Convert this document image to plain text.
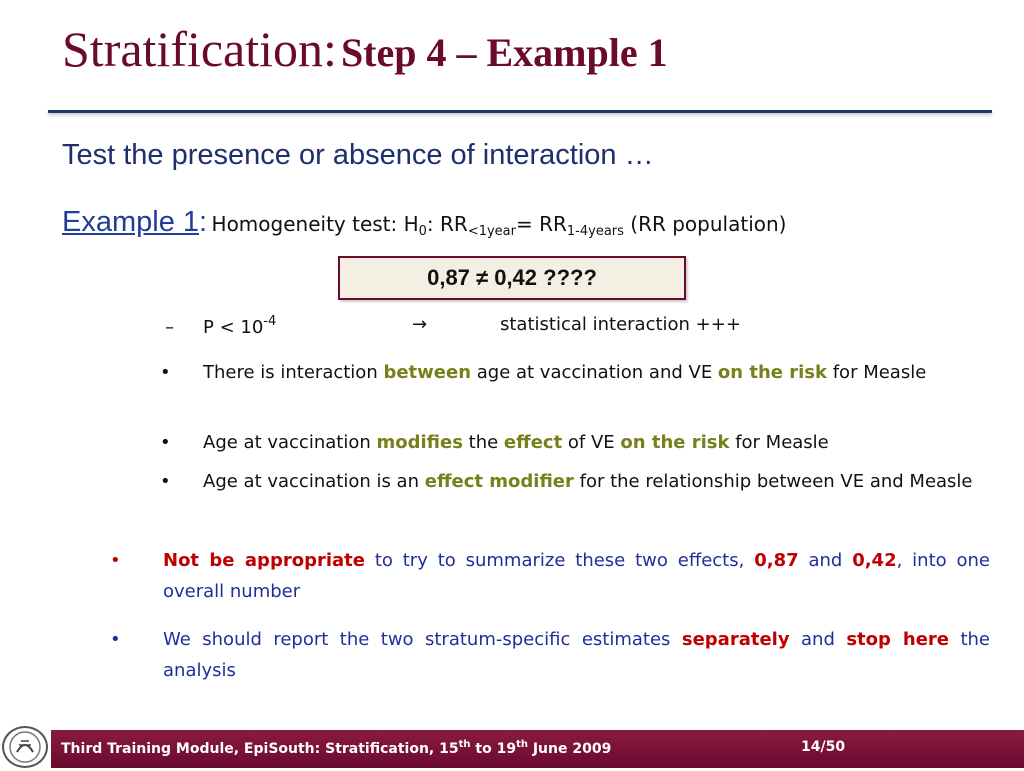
Stratification: Step 4 – Example 1
Test the presence or absence of interaction …
Example 1: Homogeneity test: $H_0$: $RR_{<1year}= RR_{1-4years}$ (RR population)
0,87 ≠ 0,42 ????
– $P < 10^{-4}$	→	statistical interaction +++
• There is interaction between age at vaccination and VE on the risk for Measle
• Age at vaccination modifies the effect of VE on the risk for Measle
• Age at vaccination is an effect modifier for the relationship between VE and Measle
• Not be appropriate to try to summarize these two effects, 0,87 and 0,42, into one overall number
• We should report the two stratum-specific estimates separately and stop here the analysis
Third Training Module, EpiSouth: Stratification, 15th to 19th June 2009	14/50
